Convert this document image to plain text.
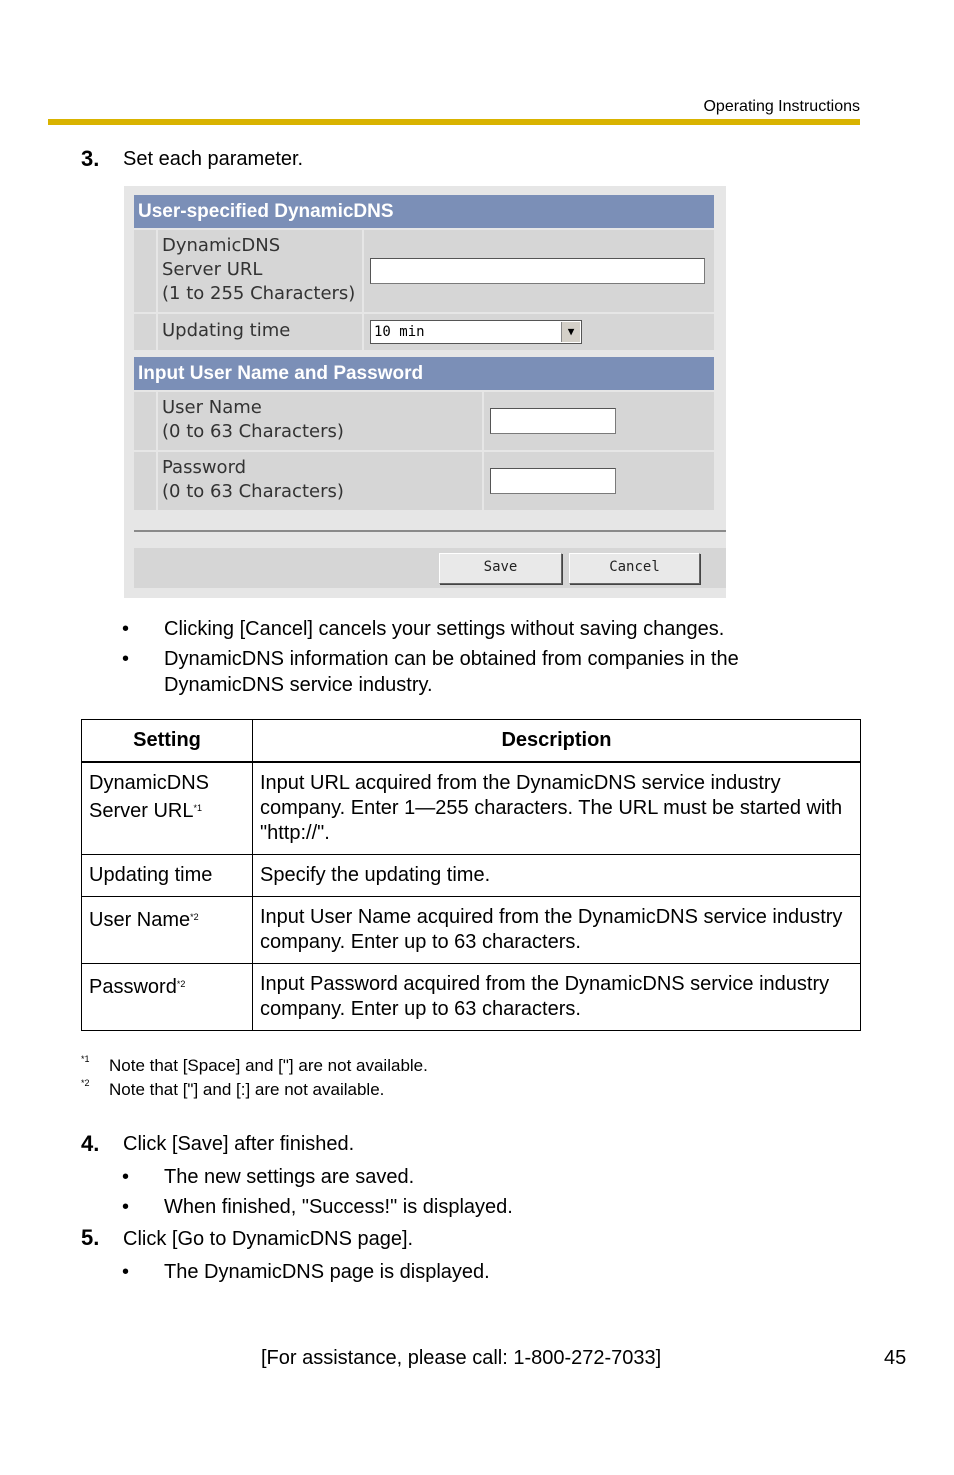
Operating Instructions
3. Set each parameter.
User-specified DynamicDNS
DynamicDNS
Server URL
(1 to 255 Characters)
Updating time	10 min	▼
Input User Name and Password
User Name
(0 to 63 Characters)
Password
(0 to 63 Characters)
Save	Cancel
• Clicking [Cancel] cancels your settings without saving changes.
• DynamicDNS information can be obtained from companies in the
DynamicDNS service industry.
Setting	Description

DynamicDNS
Server URL$^{*1}$	Input URL acquired from the DynamicDNS service industry company. Enter 1—255 characters. The URL must be started with "http://".
Updating time	Specify the updating time.
User Name$^{*2}$	Input User Name acquired from the DynamicDNS service industry company. Enter up to 63 characters.
Password$^{*2}$	Input Password acquired from the DynamicDNS service industry company. Enter up to 63 characters.
*1 Note that [Space] and ["] are not available.
*2 Note that ["] and [:] are not available.
4. Click [Save] after finished.
• The new settings are saved.
• When finished, "Success!" is displayed.
5. Click [Go to DynamicDNS page].
• The DynamicDNS page is displayed.
[For assistance, please call: 1-800-272-7033]	45
